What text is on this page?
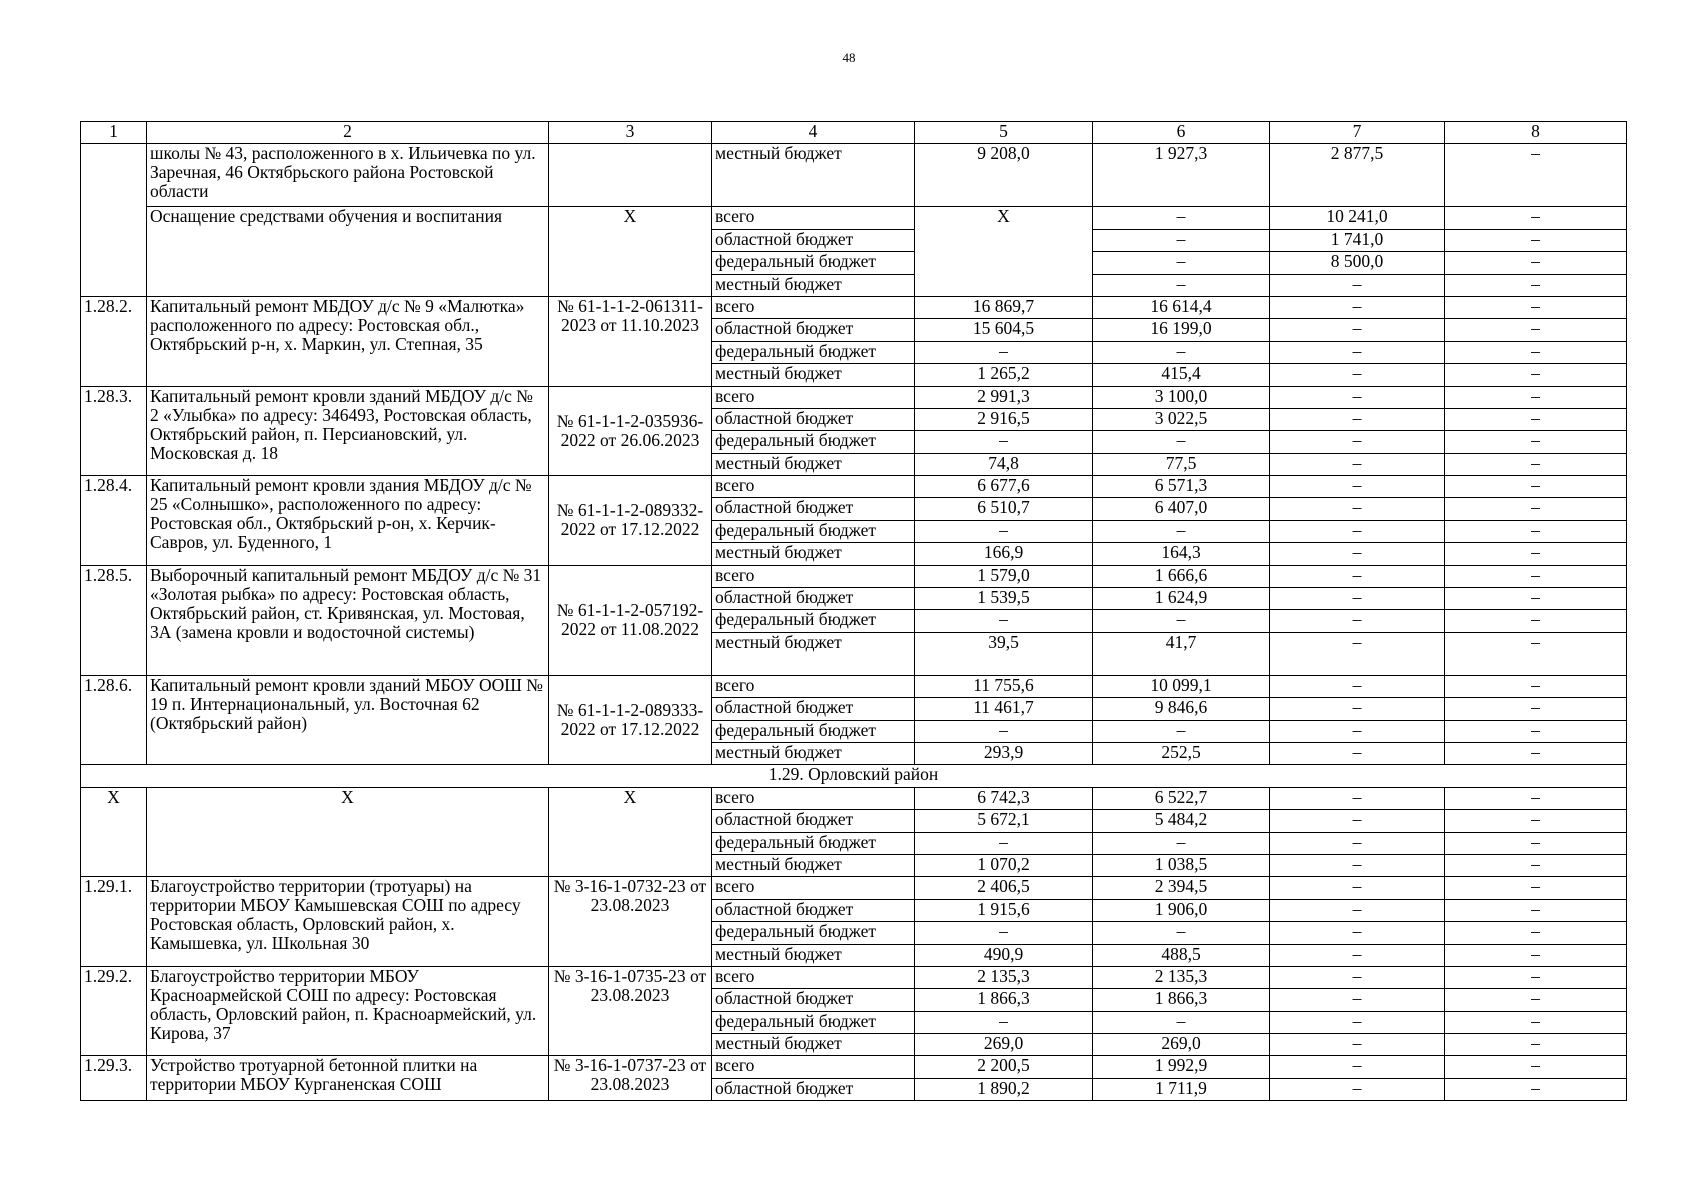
48
1	2	3	4	5	6	7	8
	школы № 43, расположенного в х. Ильичевка по ул. Заречная, 46 Октябрьского района Ростовской области		местный бюджет	9 208,0	1 927,3	2 877,5	–
	Оснащение средствами обучения и воспитания	Х	всего	Х	–	10 241,0	–
			областной бюджет		–	1 741,0	–
			федеральный бюджет		–	8 500,0	–
			местный бюджет		–	–	–
1.28.2.	Капитальный ремонт МБДОУ д/с № 9 «Малютка» расположенного по адресу: Ростовская обл., Октябрьский р-н, х. Маркин, ул. Степная, 35	№ 61-1-1-2-061311-2023 от 11.10.2023	всего	16 869,7	16 614,4	–	–
			областной бюджет	15 604,5	16 199,0	–	–
			федеральный бюджет	–	–	–	–
			местный бюджет	1 265,2	415,4	–	–
1.28.3.	Капитальный ремонт кровли зданий МБДОУ д/с № 2 «Улыбка» по адресу: 346493, Ростовская область, Октябрьский район, п. Персиановский, ул. Московская д. 18	№ 61-1-1-2-035936-2022 от 26.06.2023	всего	2 991,3	3 100,0	–	–
			областной бюджет	2 916,5	3 022,5	–	–
			федеральный бюджет	–	–	–	–
			местный бюджет	74,8	77,5	–	–
1.28.4.	Капитальный ремонт кровли здания МБДОУ д/с № 25 «Солнышко», расположенного по адресу: Ростовская обл., Октябрьский р-он, х. Керчик-Савров, ул. Буденного, 1	№ 61-1-1-2-089332-2022 от 17.12.2022	всего	6 677,6	6 571,3	–	–
			областной бюджет	6 510,7	6 407,0	–	–
			федеральный бюджет	–	–	–	–
			местный бюджет	166,9	164,3	–	–
1.28.5.	Выборочный капитальный ремонт МБДОУ д/с № 31 «Золотая рыбка» по адресу: Ростовская область, Октябрьский район, ст. Кривянская, ул. Мостовая, 3А (замена кровли и водосточной системы)	№ 61-1-1-2-057192-2022 от 11.08.2022	всего	1 579,0	1 666,6	–	–
			областной бюджет	1 539,5	1 624,9	–	–
			федеральный бюджет	–	–	–	–
			местный бюджет	39,5	41,7	–	–
1.28.6.	Капитальный ремонт кровли зданий МБОУ ООШ № 19 п. Интернациональный, ул. Восточная 62 (Октябрьский район)	№ 61-1-1-2-089333-2022 от 17.12.2022	всего	11 755,6	10 099,1	–	–
			областной бюджет	11 461,7	9 846,6	–	–
			федеральный бюджет	–	–	–	–
			местный бюджет	293,9	252,5	–	–
1.29. Орловский район							
Х	Х	Х	всего	6 742,3	6 522,7	–	–
			областной бюджет	5 672,1	5 484,2	–	–
			федеральный бюджет	–	–	–	–
			местный бюджет	1 070,2	1 038,5	–	–
1.29.1.	Благоустройство территории (тротуары) на территории МБОУ Камышевская СОШ по адресу Ростовская область, Орловский район, х. Камышевка, ул. Школьная 30	№ 3-16-1-0732-23 от 23.08.2023	всего	2 406,5	2 394,5	–	–
			областной бюджет	1 915,6	1 906,0	–	–
			федеральный бюджет	–	–	–	–
			местный бюджет	490,9	488,5	–	–
1.29.2.	Благоустройство территории МБОУ Красноармейской СОШ по адресу: Ростовская область, Орловский район, п. Красноармейский, ул. Кирова, 37	№ 3-16-1-0735-23 от 23.08.2023	всего	2 135,3	2 135,3	–	–
			областной бюджет	1 866,3	1 866,3	–	–
			федеральный бюджет	–	–	–	–
			местный бюджет	269,0	269,0	–	–
1.29.3.	Устройство тротуарной бетонной плитки на территории МБОУ Курганенская СОШ	№ 3-16-1-0737-23 от 23.08.2023	всего	2 200,5	1 992,9	–	–
			областной бюджет	1 890,2	1 711,9	–	–
